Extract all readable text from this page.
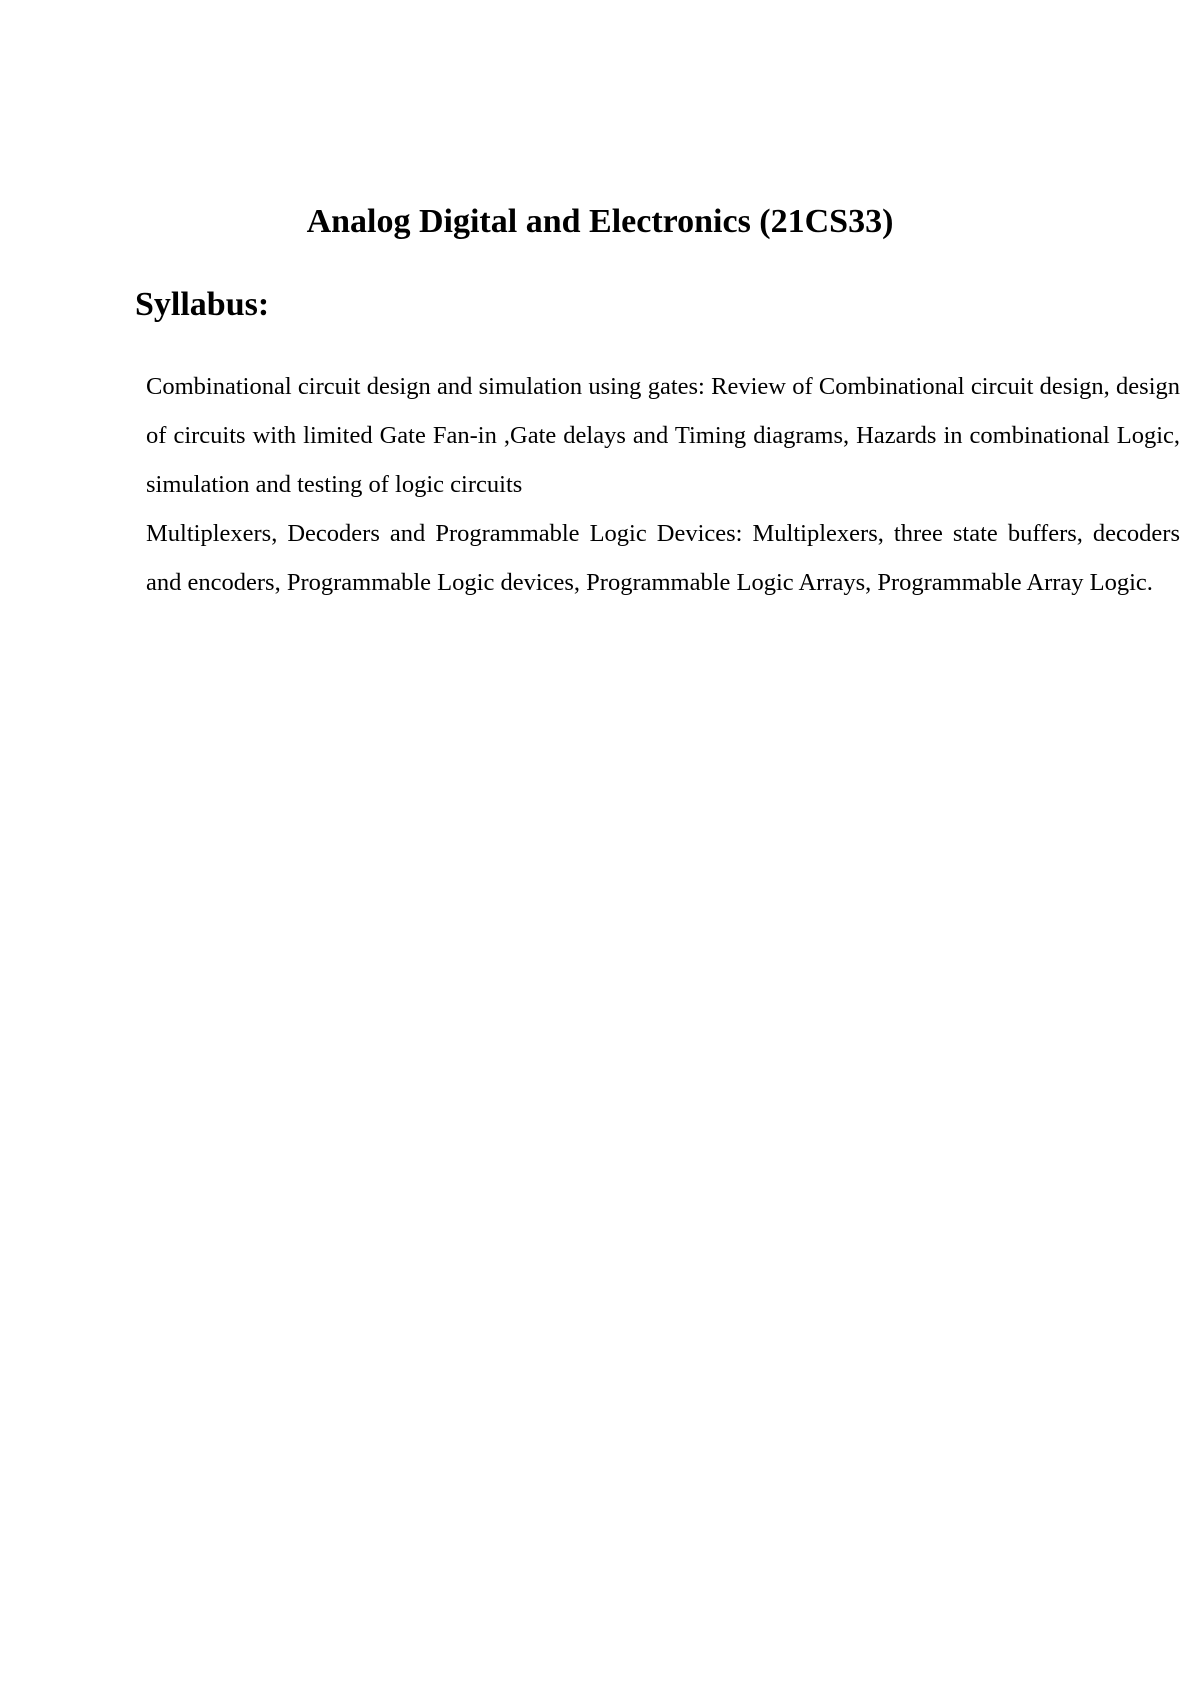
Analog Digital and Electronics (21CS33)
Syllabus:

Combinational circuit design and simulation using gates: Review of Combinational circuit design, design of circuits with limited Gate Fan-in ,Gate delays and Timing diagrams, Hazards in combinational Logic, simulation and testing of logic circuits

Multiplexers, Decoders and Programmable Logic Devices: Multiplexers, three state buffers, decoders and encoders, Programmable Logic devices, Programmable Logic Arrays, Programmable Array Logic.
